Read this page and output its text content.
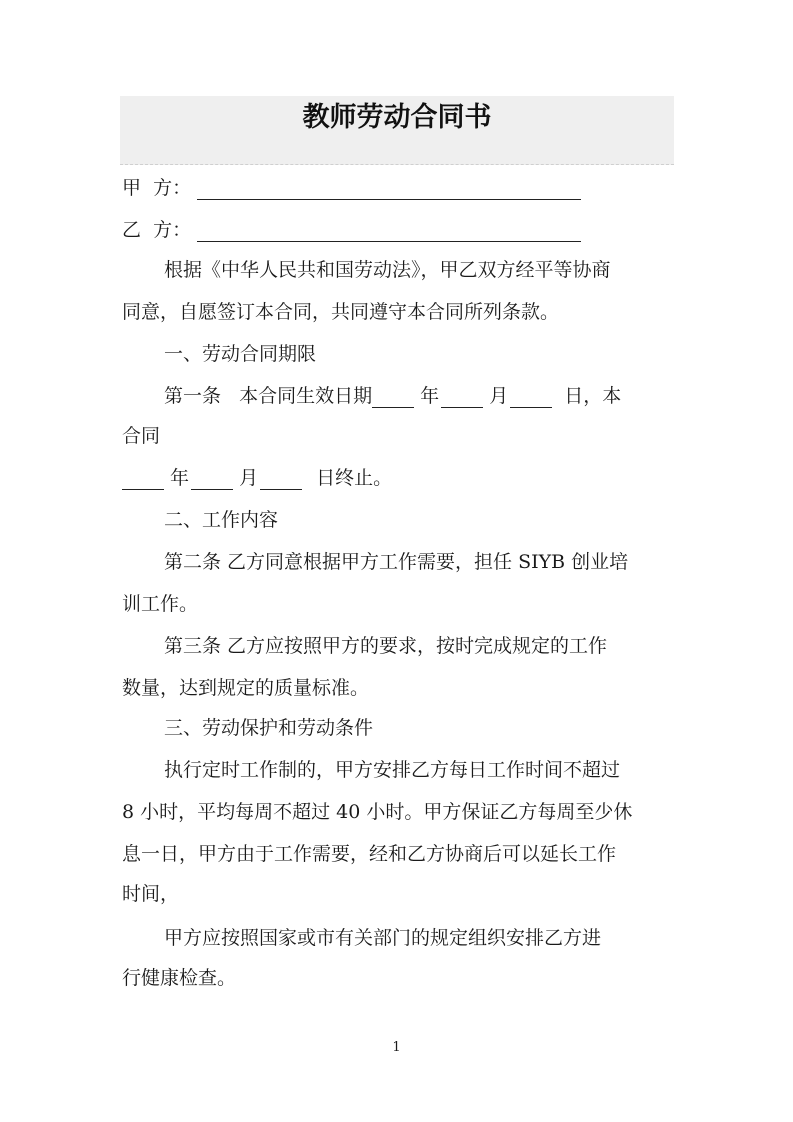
教师劳动合同书
甲  方：
乙  方：
根据《中华人民共和国劳动法》，甲乙双方经平等协商
同意，自愿签订本合同，共同遵守本合同所列条款。
一、劳动合同期限
第一条   本合同生效日期	年	月	日，本
合同
年	月	日终止。
二、工作内容
第二条 乙方同意根据甲方工作需要，担任 SIYB 创业培
训工作。
第三条 乙方应按照甲方的要求，按时完成规定的工作
数量，达到规定的质量标准。
三、劳动保护和劳动条件
执行定时工作制的，甲方安排乙方每日工作时间不超过
8 小时，平均每周不超过 40 小时。甲方保证乙方每周至少休
息一日，甲方由于工作需要，经和乙方协商后可以延长工作
时间，
甲方应按照国家或市有关部门的规定组织安排乙方进
行健康检查。
1
